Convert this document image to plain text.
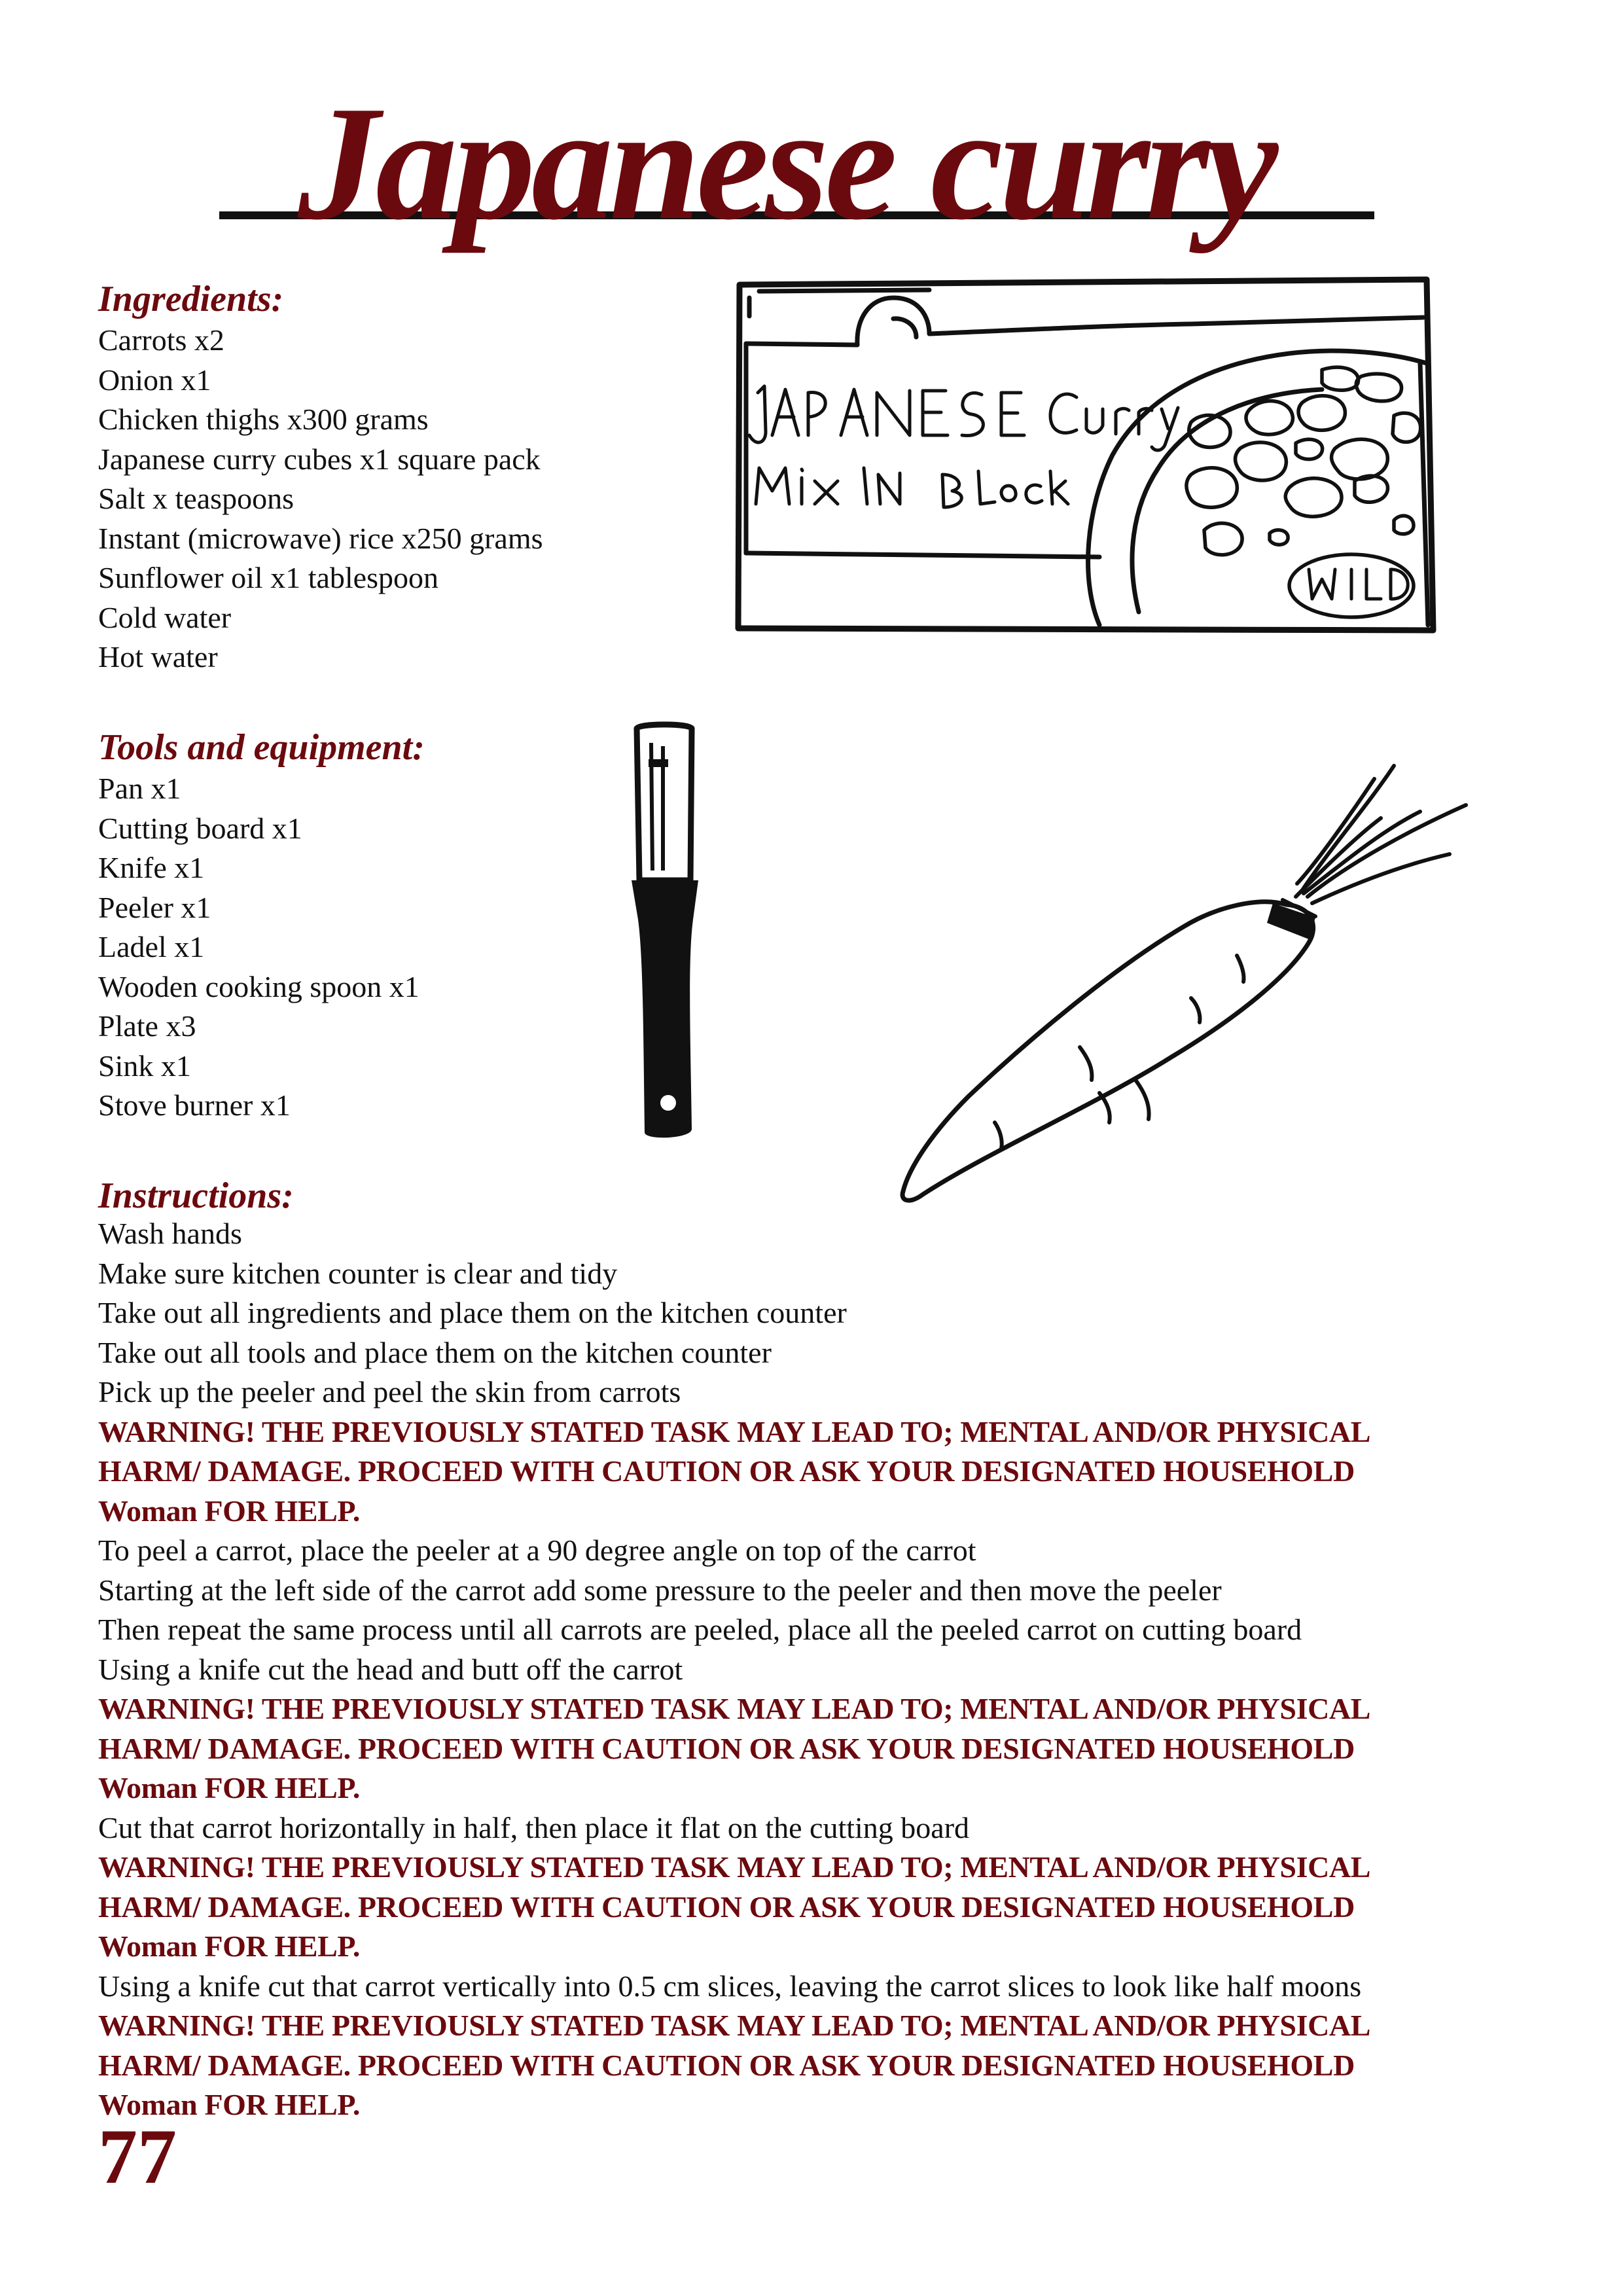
Japanese curry
Ingredients:
Carrots x2
Onion x1
Chicken thighs x300 grams
Japanese curry cubes x1 square pack
Salt x teaspoons
Instant (microwave) rice x250 grams
Sunflower oil x1 tablespoon
Cold water
Hot water
Tools and equipment:
Pan x1
Cutting board x1
Knife x1
Peeler x1
Ladel x1
Wooden cooking spoon x1
Plate x3
Sink x1
Stove burner x1
Instructions:
Wash hands
Make sure kitchen counter is clear and tidy
Take out all ingredients and place them on the kitchen counter
Take out all tools and place them on the kitchen counter
Pick up the peeler and peel the skin from carrots
WARNING! THE PREVIOUSLY STATED TASK MAY LEAD TO; MENTAL AND/OR PHYSICAL
HARM/ DAMAGE. PROCEED WITH CAUTION OR ASK YOUR DESIGNATED HOUSEHOLD
Woman FOR HELP.
To peel a carrot, place the peeler at a 90 degree angle on top of the carrot
Starting at the left side of the carrot add some pressure to the peeler and then move the peeler
Then repeat the same process until all carrots are peeled, place all the peeled carrot on cutting board
Using a knife cut the head and butt off the carrot
WARNING! THE PREVIOUSLY STATED TASK MAY LEAD TO; MENTAL AND/OR PHYSICAL
HARM/ DAMAGE. PROCEED WITH CAUTION OR ASK YOUR DESIGNATED HOUSEHOLD
Woman FOR HELP.
Cut that carrot horizontally in half, then place it flat on the cutting board
WARNING! THE PREVIOUSLY STATED TASK MAY LEAD TO; MENTAL AND/OR PHYSICAL
HARM/ DAMAGE. PROCEED WITH CAUTION OR ASK YOUR DESIGNATED HOUSEHOLD
Woman FOR HELP.
Using a knife cut that carrot vertically into 0.5 cm slices, leaving the carrot slices to look like half moons
WARNING! THE PREVIOUSLY STATED TASK MAY LEAD TO; MENTAL AND/OR PHYSICAL
HARM/ DAMAGE. PROCEED WITH CAUTION OR ASK YOUR DESIGNATED HOUSEHOLD
Woman FOR HELP.
77
